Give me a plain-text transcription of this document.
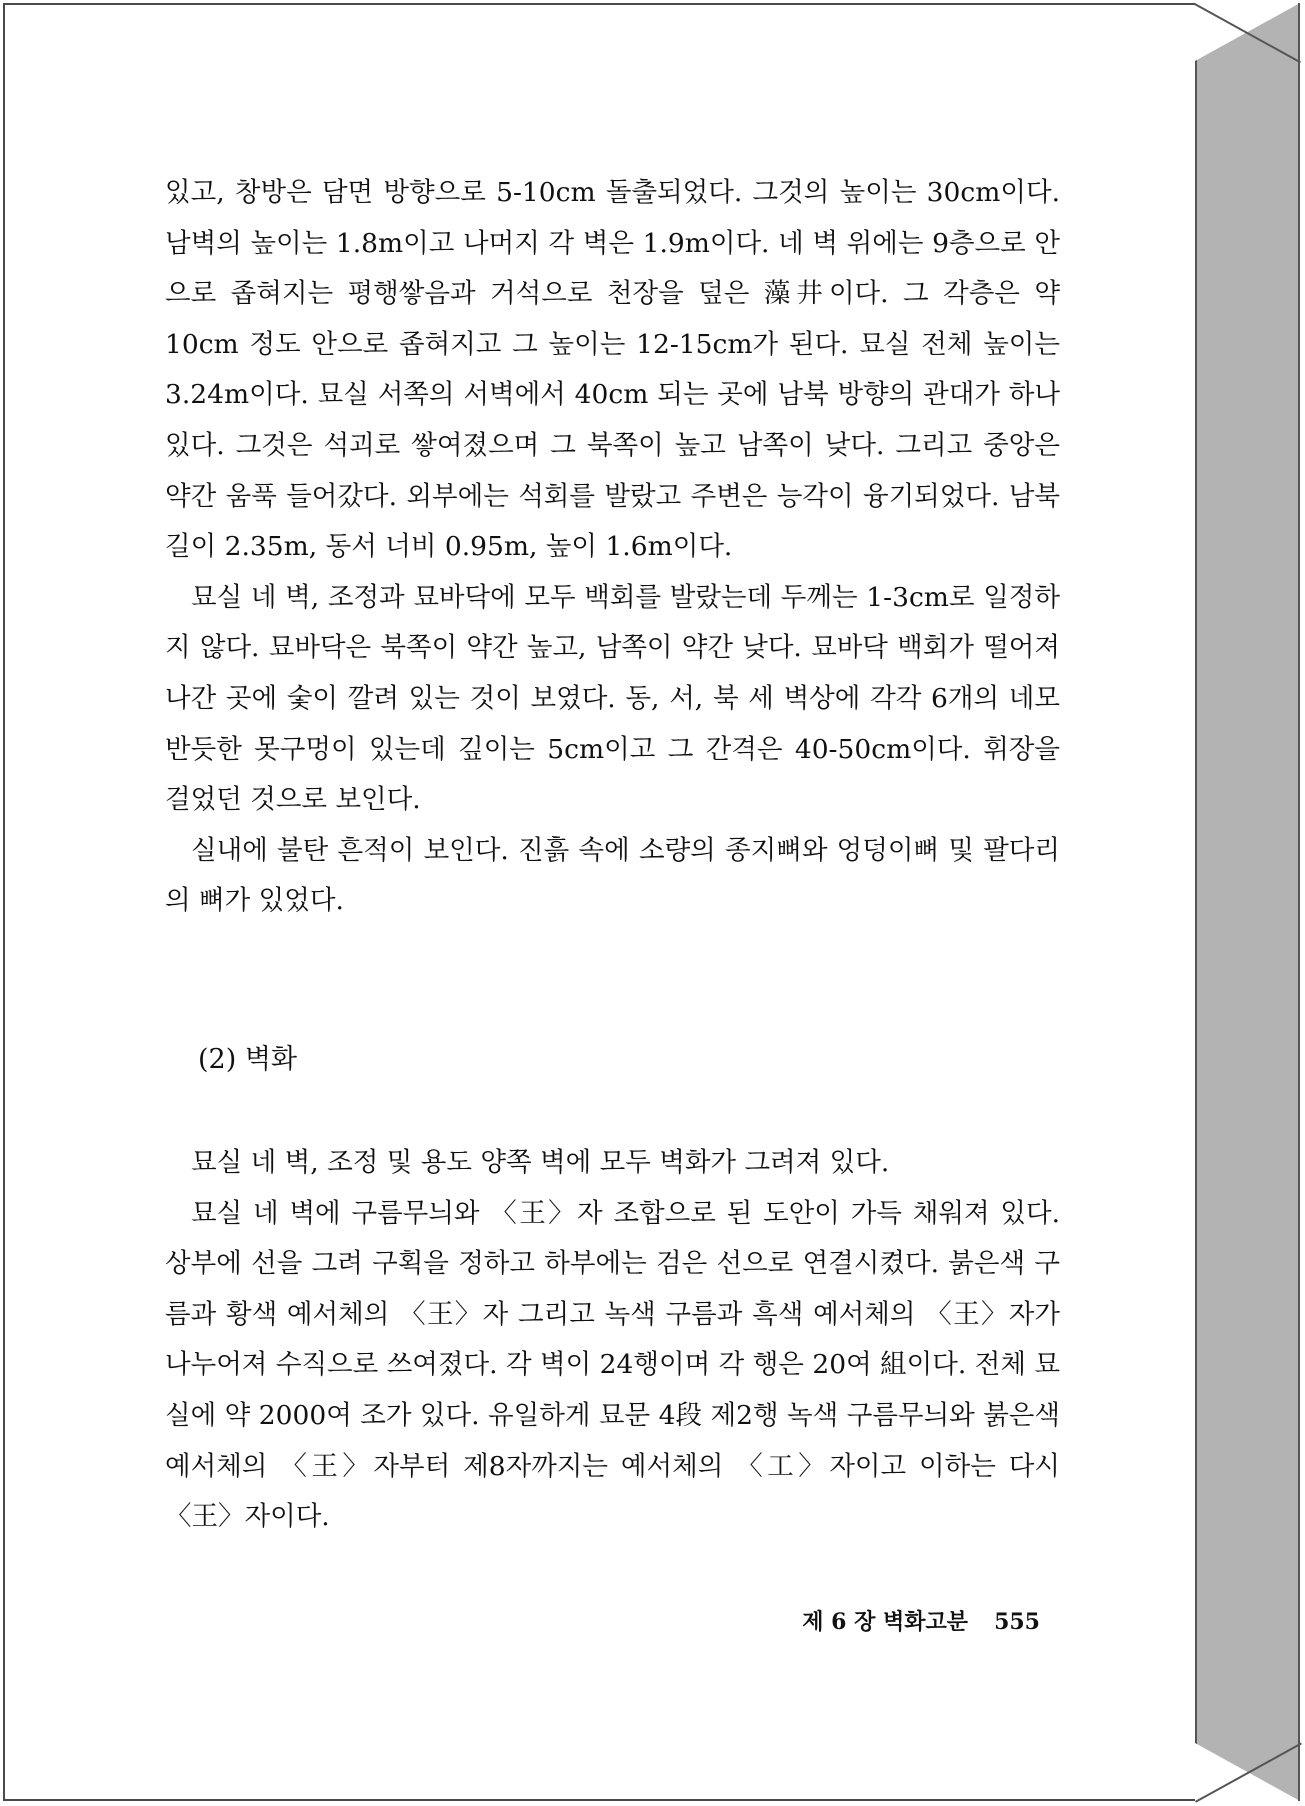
있고, 창방은 담면 방향으로 5-10cm 돌출되었다. 그것의 높이는 30cm이다. 남벽의 높이는 1.8m이고 나머지 각 벽은 1.9m이다. 네 벽 위에는 9층으로 안으로 좁혀지는 평행쌓음과 거석으로 천장을 덮은 藻井이다. 그 각층은 약 10cm 정도 안으로 좁혀지고 그 높이는 12-15cm가 된다. 묘실 전체 높이는 3.24m이다. 묘실 서쪽의 서벽에서 40cm 되는 곳에 남북 방향의 관대가 하나 있다. 그것은 석괴로 쌓여졌으며 그 북쪽이 높고 남쪽이 낮다. 그리고 중앙은 약간 움푹 들어갔다. 외부에는 석회를 발랐고 주변은 능각이 융기되었다. 남북 길이 2.35m, 동서 너비 0.95m, 높이 1.6m이다.

묘실 네 벽, 조정과 묘바닥에 모두 백회를 발랐는데 두께는 1-3cm로 일정하지 않다. 묘바닥은 북쪽이 약간 높고, 남쪽이 약간 낮다. 묘바닥 백회가 떨어져 나간 곳에 숯이 깔려 있는 것이 보였다. 동, 서, 북 세 벽상에 각각 6개의 네모 반듯한 못구멍이 있는데 깊이는 5cm이고 그 간격은 40-50cm이다. 휘장을 걸었던 것으로 보인다.

실내에 불탄 흔적이 보인다. 진흙 속에 소량의 종지뼈와 엉덩이뼈 및 팔다리의 뼈가 있었다.

(2) 벽화

묘실 네 벽, 조정 및 용도 양쪽 벽에 모두 벽화가 그려져 있다.

묘실 네 벽에 구름무늬와 〈王〉자 조합으로 된 도안이 가득 채워져 있다. 상부에 선을 그려 구획을 정하고 하부에는 검은 선으로 연결시켰다. 붉은색 구름과 황색 예서체의 〈王〉자 그리고 녹색 구름과 흑색 예서체의 〈王〉자가 나누어져 수직으로 쓰여졌다. 각 벽이 24행이며 각 행은 20여 組이다. 전체 묘실에 약 2000여 조가 있다. 유일하게 묘문 4段 제2행 녹색 구름무늬와 붉은색 예서체의 〈王〉자부터 제8자까지는 예서체의 〈工〉자이고 이하는 다시 〈王〉자이다.

제 6 장 벽화고분 555
